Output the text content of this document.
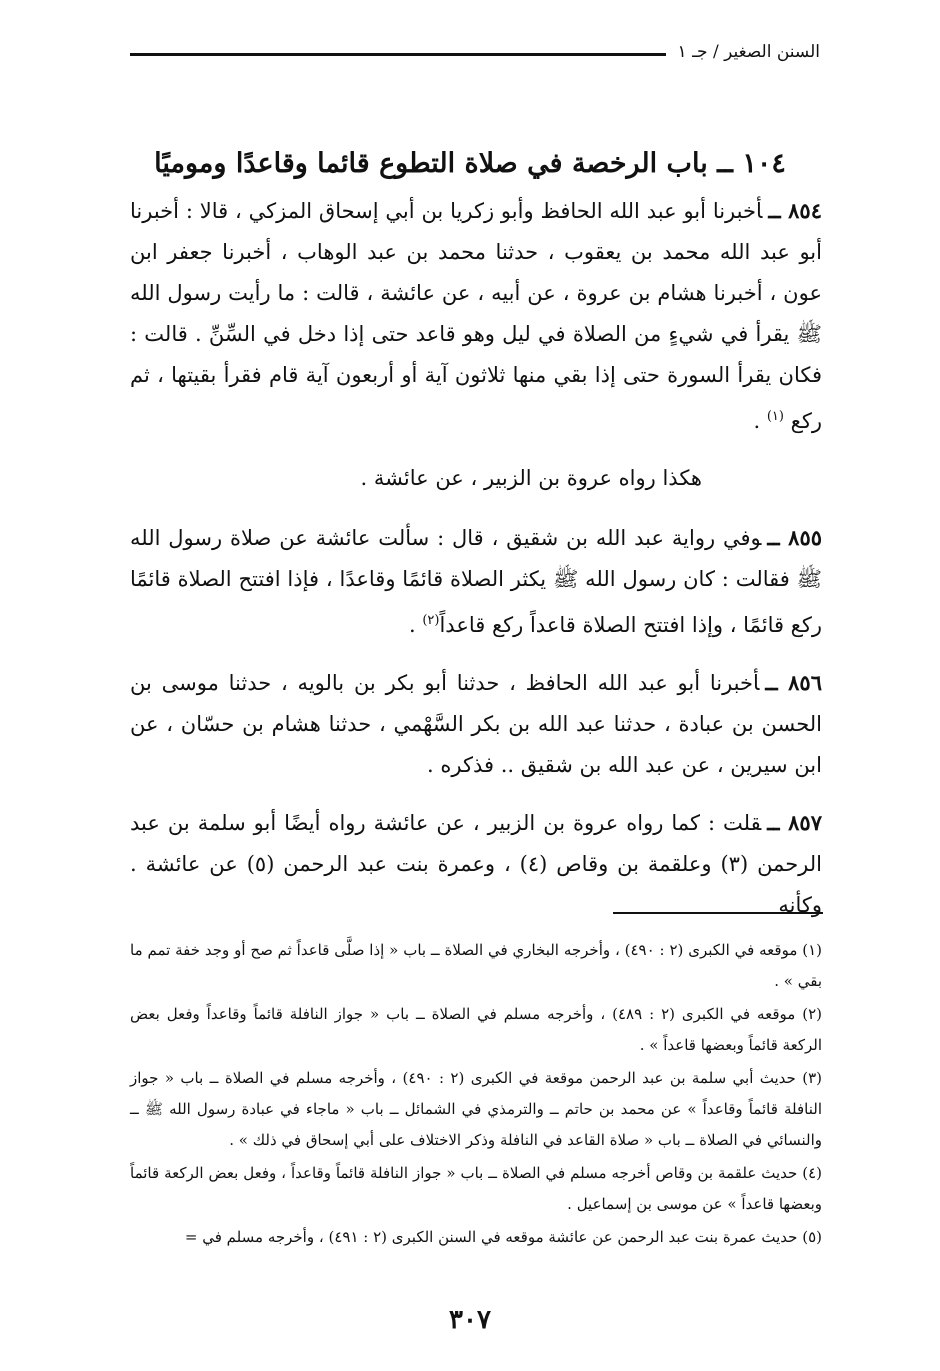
السنن الصغير / جـ ١
١٠٤ ــ باب الرخصة في صلاة التطوع قائما وقاعدًا وموميًا

٨٥٤ ــأخبرنا أبو عبد الله الحافظ وأبو زكريا بن أبي إسحاق المزكي ، قالا : أخبرنا أبو عبد الله محمد بن يعقوب ، حدثنا محمد بن عبد الوهاب ، أخبرنا جعفر ابن عون ، أخبرنا هشام بن عروة ، عن أبيه ، عن عائشة ، قالت : ما رأيت رسول الله ﷺ يقرأ في شيءٍ من الصلاة في ليل وهو قاعد حتى إذا دخل في السِّنِّ . قالت : فكان يقرأ السورة حتى إذا بقي منها ثلاثون آية أو أربعون آية قام فقرأ بقيتها ، ثم ركع $^{(١)}$ .

هكذا رواه عروة بن الزبير ، عن عائشة .

٨٥٥ ــوفي رواية عبد الله بن شقيق ، قال : سألت عائشة عن صلاة رسول الله ﷺ فقالت : كان رسول الله ﷺ يكثر الصلاة قائمًا وقاعدًا ، فإذا افتتح الصلاة قائمًا ركع قائمًا ، وإذا افتتح الصلاة قاعداً ركع قاعداً$^{(٢)}$ .

٨٥٦ ــأخبرنا أبو عبد الله الحافظ ، حدثنا أبو بكر بن بالويه ، حدثنا موسى بن الحسن بن عبادة ، حدثنا عبد الله بن بكر السَّهْمي ، حدثنا هشام بن حسّان ، عن ابن سيرين ، عن عبد الله بن شقيق .. فذكره .

٨٥٧ ــقلت : كما رواه عروة بن الزبير ، عن عائشة رواه أيضًا أبو سلمة بن عبد الرحمن (٣) وعلقمة بن وقاص (٤) ، وعمرة بنت عبد الرحمن (٥) عن عائشة . وكأنه

(١) موقعه في الكبرى (٢ : ٤٩٠) ، وأخرجه البخاري في الصلاة ــ باب « إذا صلَّى قاعداً ثم صح أو وجد خفة تمم ما بقي » .

(٢) موقعه في الكبرى (٢ : ٤٨٩) ، وأخرجه مسلم في الصلاة ــ باب « جواز النافلة قائماً وقاعداً وفعل بعض الركعة قائماً وبعضها قاعداً » .

(٣) حديث أبي سلمة بن عبد الرحمن موقعة في الكبرى (٢ : ٤٩٠) ، وأخرجه مسلم في الصلاة ــ باب « جواز النافلة قائماً وقاعداً » عن محمد بن حاتم ــ والترمذي في الشمائل ــ باب « ماجاء في عبادة رسول الله ﷺ ــ والنسائي في الصلاة ــ باب « صلاة القاعد في النافلة وذكر الاختلاف على أبي إسحاق في ذلك » .

(٤) حديث علقمة بن وقاص أخرجه مسلم في الصلاة ــ باب « جواز النافلة قائماً وقاعداً ، وفعل بعض الركعة قائماً وبعضها قاعداً » عن موسى بن إسماعيل .

(٥) حديث عمرة بنت عبد الرحمن عن عائشة موقعه في السنن الكبرى (٢ : ٤٩١) ، وأخرجه مسلم في =

٣٠٧
